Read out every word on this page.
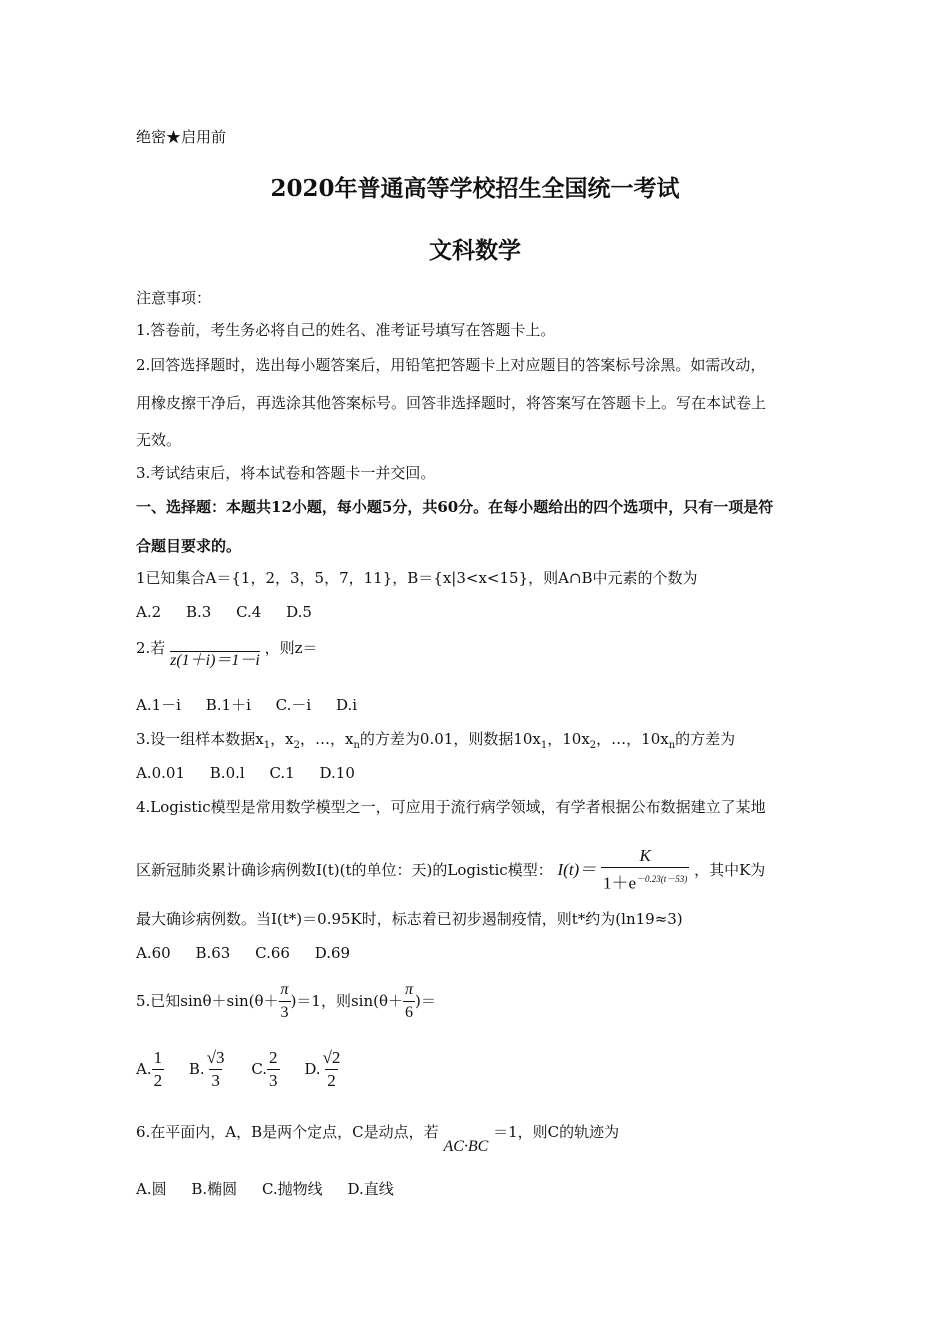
绝密★启用前
2020年普通高等学校招生全国统一考试
文科数学
注意事项：
1.答卷前，考生务必将自己的姓名、准考证号填写在答题卡上。
2.回答选择题时，选出每小题答案后，用铅笔把答题卡上对应题目的答案标号涂黑。如需改动，
用橡皮擦干净后，再选涂其他答案标号。回答非选择题时，将答案写在答题卡上。写在本试卷上
无效。
3.考试结束后，将本试卷和答题卡一并交回。
一、选择题：本题共12小题，每小题5分，共60分。在每小题给出的四个选项中，只有一项是符
合题目要求的。
1已知集合A＝{1，2，3，5，7，11}，B＝{x|3<x<15}，则A∩B中元素的个数为
A.2 B.3 C.4 D.5
2.若 z(1＋i)＝1－i ，则z＝
A.1－i B.1＋i C.－i D.i
3.设一组样本数据$x_1$，$x_2$，…，$x_n$的方差为0.01，则数据$10x_1$，$10x_2$，…，$10x_n$的方差为
A.0.01 B.0.l C.1 D.10
4.Logistic模型是常用数学模型之一，可应用于流行病学领域，有学者根据公布数据建立了某地
区新冠肺炎累计确诊病例数I(t)(t的单位：天)的Logistic模型： $I(t)= \frac{K}{1+e^{-0.23(t-53)}}$ ，其中K为
最大确诊病例数。当I(t*)＝0.95K时，标志着已初步遏制疫情，则t*约为(ln19≈3)
A.60 B.63 C.66 D.69
5.已知$\sin\theta+\sin(\theta+ \frac{\pi}{3} )=1$，则$\sin(\theta+ \frac{\pi}{6}$ )＝
A. $\frac{1}{2} B$. $\frac{√3}{3} C$. $\frac{2}{3} D$. $\frac{√2}{2}$
6.在平面内，A，B是两个定点，C是动点，若 AC·BC ＝1，则C的轨迹为
A.圆 B.椭圆 C.抛物线 D.直线
